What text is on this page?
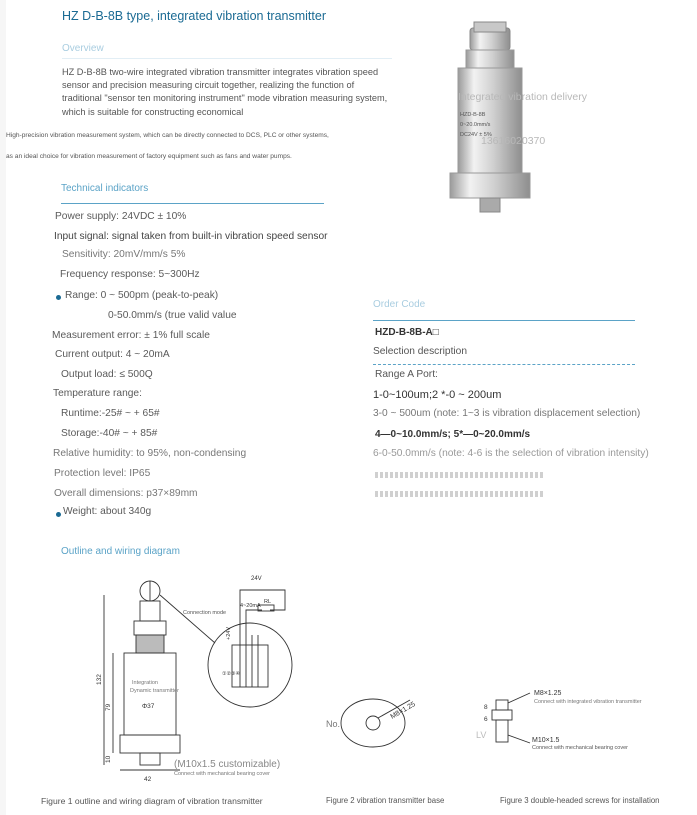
HZ D-B-8B type, integrated vibration transmitter
Overview
HZ D-B-8B two-wire integrated vibration transmitter integrates vibration speed sensor and precision measuring circuit together, realizing the function of traditional "sensor ten monitoring instrument" mode vibration measuring system, which is suitable for constructing economical
High-precision vibration measurement system, which can be directly connected to DCS, PLC or other systems,
as an ideal choice for vibration measurement of factory equipment such as fans and water pumps.
HZD-B-8B
0~20.0mm/s
DC24V ± 5%
Integrated vibration delivery
13616020370
Technical indicators
Power supply: 24VDC ± 10%
Input signal: signal taken from built-in vibration speed sensor
Sensitivity: 20mV/mm/s 5%
Frequency response: 5~300Hz
Range: 0 ~ 500pm (peak-to-peak)
0-50.0mm/s (true valid value
Measurement error: ± 1% full scale
Current output: 4 ~ 20mA
Output load: ≤ 500Q
Temperature range:
Runtime:-25# ~ + 65#
Storage:-40# ~ + 85#
Relative humidity: to 95%, non-condensing
Protection level: IP65
Overall dimensions: p37×89mm
Weight: about 340g
Order Code
HZD-B-8B-A□
Selection description
Range A Port:
1-0~100um;2 *-0 ~ 200um
3-0 ~ 500um (note: 1~3 is vibration displacement selection)
4—0~10.0mm/s; 5*—0~20.0mm/s
6-0-50.0mm/s (note: 4-6 is the selection of vibration intensity)
Outline and wiring diagram
Connection mode
24V
4~20mA
RL
+24V
①②③④
Integration
Dynamic transmitter
Φ37
132
79
10
42
(M10x1.5 customizable)
Connect with mechanical bearing cover
M8×1.25
No.
8
6
LV
M8×1.25
Connect with integrated vibration transmitter
M10×1.5
Connect with mechanical bearing cover
Figure 1 outline and wiring diagram of vibration transmitter	Figure 2 vibration transmitter base	Figure 3 double-headed screws for installation
